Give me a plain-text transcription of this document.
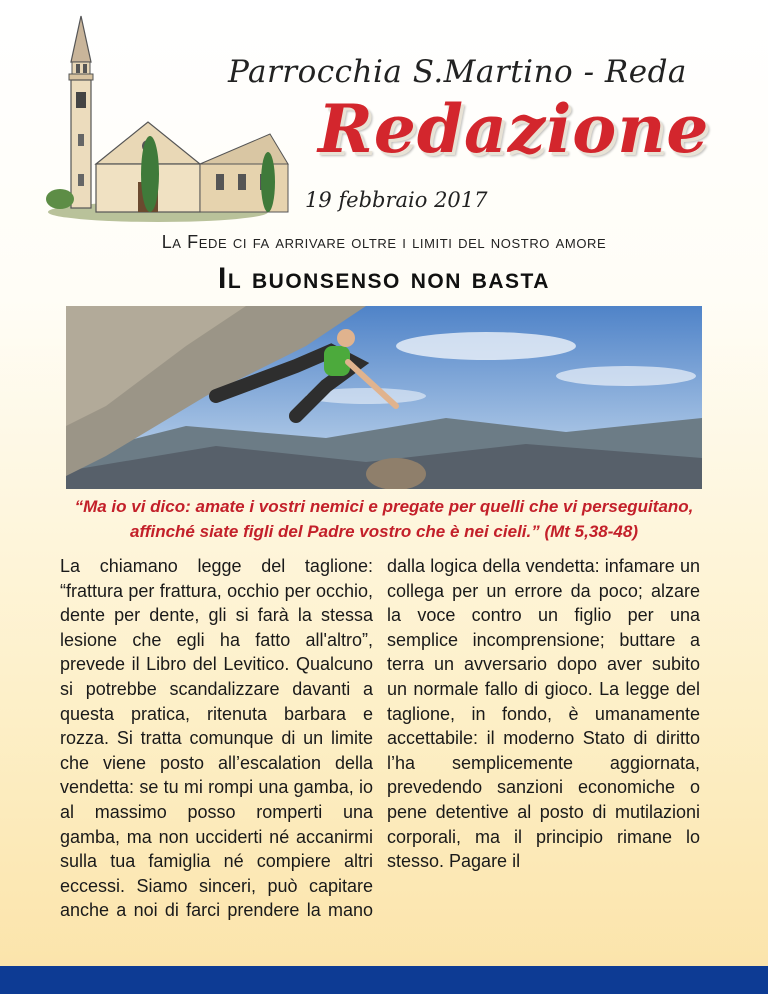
Parrocchia S.Martino - Reda
Redazione
19 febbraio 2017
La Fede ci fa arrivare oltre i limiti del nostro amore
Il buonsenso non basta
“Ma io vi dico: amate i vostri nemici e pregate per quelli che vi perseguitano, affinché siate figli del Padre vostro che è nei cieli.” (Mt 5,38-48)

La chiamano legge del taglione: “frattura per frattura, occhio per occhio, dente per dente, gli si farà la stessa lesione che egli ha fatto all'altro”, prevede il Libro del Levitico. Qualcuno si potrebbe scandalizzare davanti a questa pratica, ritenuta barbara e rozza. Si tratta comunque di un limite che viene posto all’escalation della vendetta: se tu mi rompi una gamba, io al massimo posso romperti una gamba, ma non ucciderti né accanirmi sulla tua famiglia né compiere altri eccessi. Siamo sinceri, può capitare anche a noi di farci prendere la mano dalla logica della vendetta: infamare un collega per un errore da poco; alzare la voce contro un figlio per una semplice incomprensione; buttare a terra un avversario dopo aver subito un normale fallo di gioco. La legge del taglione, in fondo, è umanamente accettabile: il moderno Stato di diritto l’ha semplicemente aggiornata, prevedendo sanzioni economiche o pene detentive al posto di mutilazioni corporali, ma il principio rimane lo stesso. Pagare il
